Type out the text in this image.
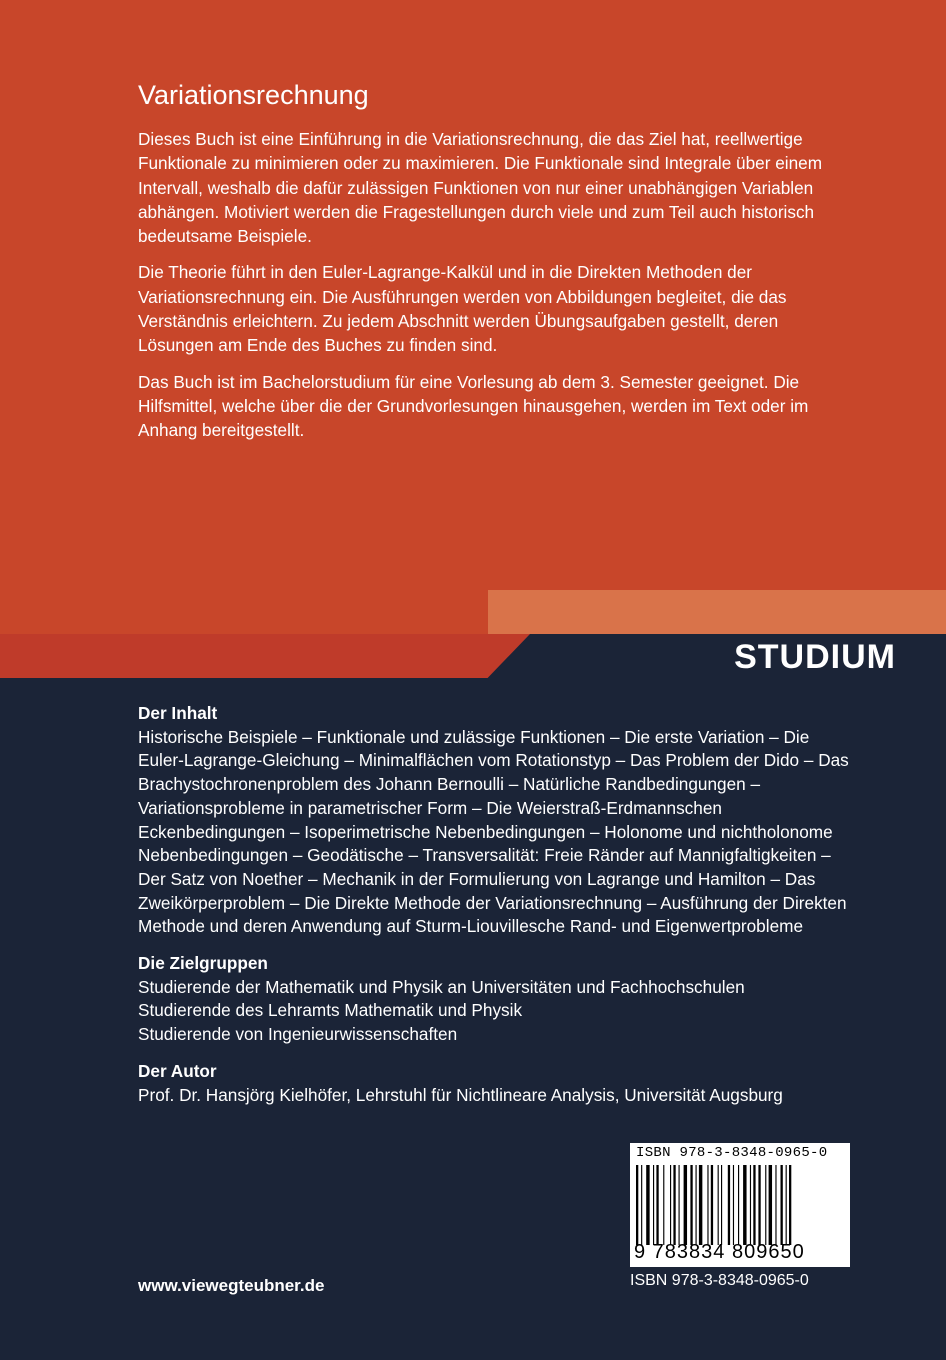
Variationsrechnung

Dieses Buch ist eine Einführung in die Variationsrechnung, die das Ziel hat, reellwertige Funktionale zu minimieren oder zu maximieren. Die Funktionale sind Integrale über einem Intervall, weshalb die dafür zulässigen Funktionen von nur einer unabhängigen Variablen abhängen. Motiviert werden die Fragestellungen durch viele und zum Teil auch historisch bedeutsame Beispiele.

Die Theorie führt in den Euler-Lagrange-Kalkül und in die Direkten Methoden der Variationsrechnung ein. Die Ausführungen werden von Abbildungen begleitet, die das Verständnis erleichtern. Zu jedem Abschnitt werden Übungsaufgaben gestellt, deren Lösungen am Ende des Buches zu finden sind.

Das Buch ist im Bachelorstudium für eine Vorlesung ab dem 3. Semester geeignet. Die Hilfsmittel, welche über die der Grundvorlesungen hinausgehen, werden im Text oder im Anhang bereitgestellt.

STUDIUM
Der Inhalt

Historische Beispiele – Funktionale und zulässige Funktionen – Die erste Variation – Die Euler-Lagrange-Gleichung – Minimalflächen vom Rotationstyp – Das Problem der Dido – Das Brachystochronenproblem des Johann Bernoulli – Natürliche Randbedingungen – Variationsprobleme in parametrischer Form – Die Weierstraß-Erdmannschen Eckenbedingungen – Isoperimetrische Nebenbedingungen – Holonome und nichtholonome Nebenbedingungen – Geodätische – Transversalität: Freie Ränder auf Mannigfaltigkeiten – Der Satz von Noether – Mechanik in der Formulierung von Lagrange und Hamilton – Das Zweikörperproblem – Die Direkte Methode der Variationsrechnung – Ausführung der Direkten Methode und deren Anwendung auf Sturm-Liouvillesche Rand- und Eigenwertprobleme

Die Zielgruppen

Studierende der Mathematik und Physik an Universitäten und Fachhochschulen
Studierende des Lehramts Mathematik und Physik
Studierende von Ingenieurwissenschaften

Der Autor

Prof. Dr. Hansjörg Kielhöfer, Lehrstuhl für Nichtlineare Analysis, Universität Augsburg

ISBN 978-3-8348-0965-0
9 783834 809650
ISBN 978-3-8348-0965-0
www.viewegteubner.de
